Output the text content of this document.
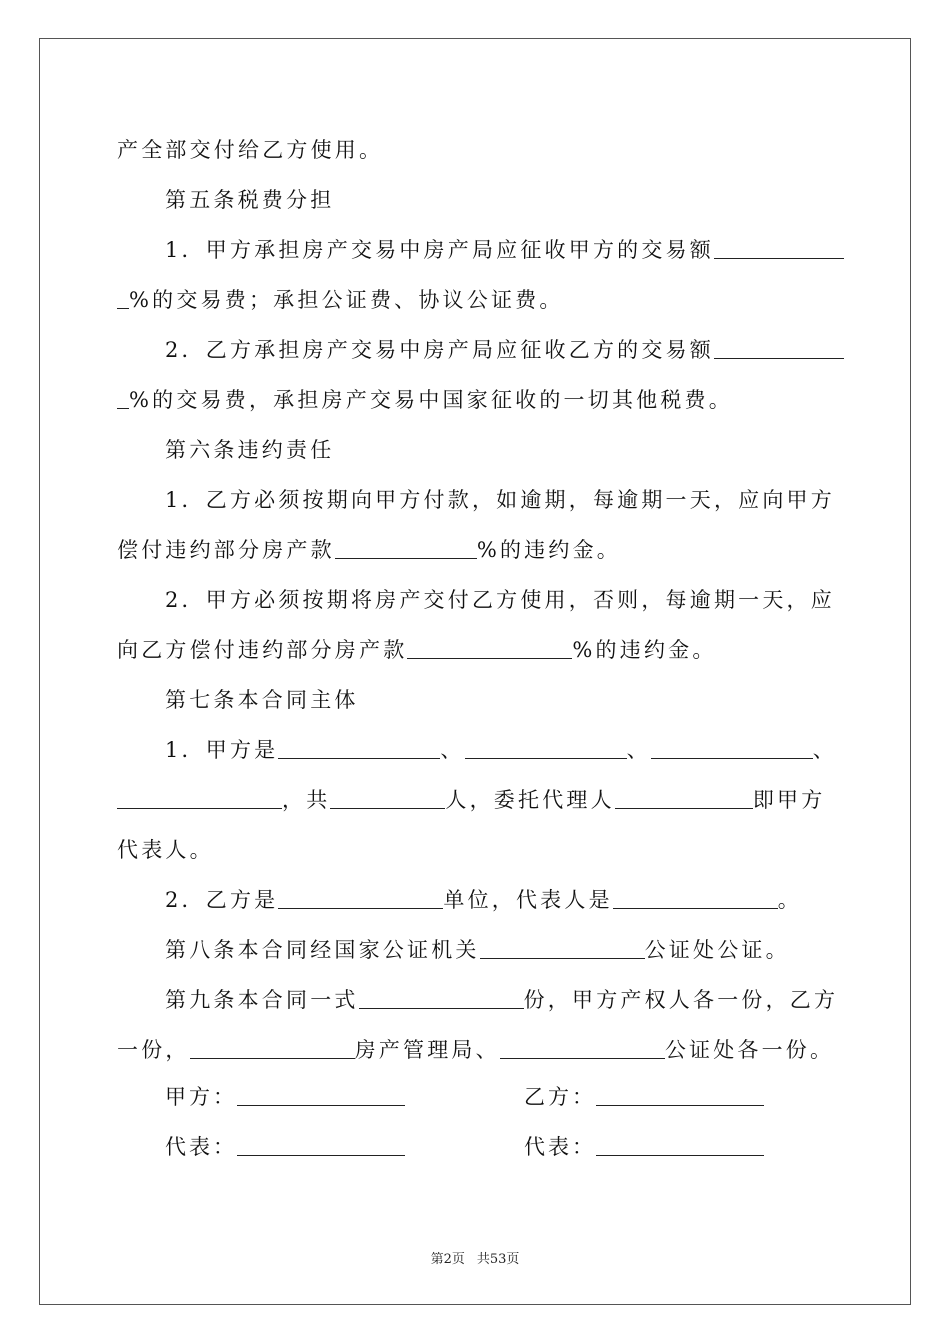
产全部交付给乙方使用。
第五条税费分担
1．甲方承担房产交易中房产局应征收甲方的交易额
%的交易费；承担公证费、协议公证费。
2．乙方承担房产交易中房产局应征收乙方的交易额
%的交易费，承担房产交易中国家征收的一切其他税费。
第六条违约责任
1．乙方必须按期向甲方付款，如逾期，每逾期一天，应向甲方
偿付违约部分房产款	%的违约金。
2．甲方必须按期将房产交付乙方使用，否则，每逾期一天，应
向乙方偿付违约部分房产款	%的违约金。
第七条本合同主体
1．甲方是	、	、	、
，共	人，委托代理人	即甲方
代表人。
2．乙方是	单位，代表人是	。
第八条本合同经国家公证机关	公证处公证。
第九条本合同一式	份，甲方产权人各一份，乙方
一份，	房产管理局、	公证处各一份。
甲方：	乙方：
代表：	代表：
第2页 共53页
